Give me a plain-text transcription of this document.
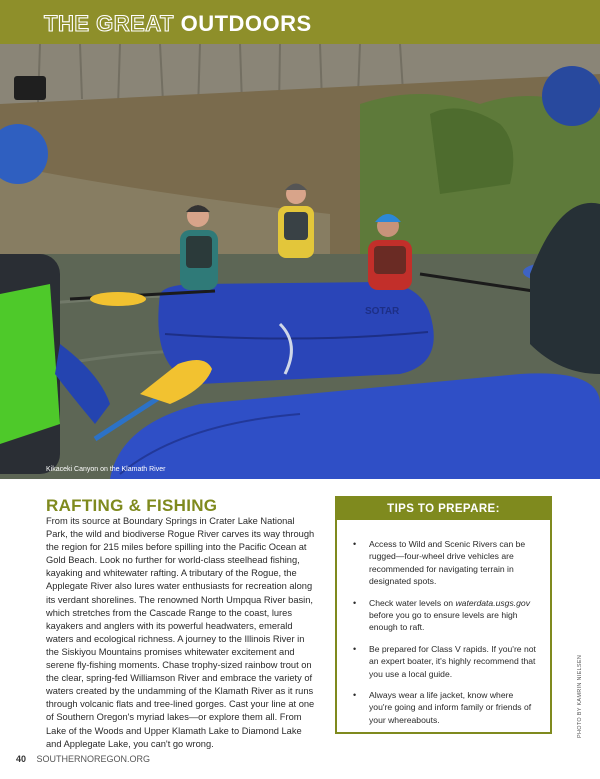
THE GREAT OUTDOORS
SOTAR
Kikaceki Canyon on the Klamath River
RAFTING & FISHING

From its source at Boundary Springs in Crater Lake National Park, the wild and biodiverse Rogue River carves its way through the region for 215 miles before spilling into the Pacific Ocean at Gold Beach. Look no further for world-class steelhead fishing, kayaking and whitewater rafting. A tributary of the Rogue, the Applegate River also lures water enthusiasts for recreation along its verdant shorelines. The renowned North Umpqua River basin, which stretches from the Cascade Range to the coast, lures kayakers and anglers with its powerful headwaters, emerald waters and ecological richness. A journey to the Illinois River in the Siskiyou Mountains promises whitewater excitement and serene fly-fishing moments. Chase trophy-sized rainbow trout on the clear, spring-fed Williamson River and embrace the variety of waters created by the undamming of the Klamath River as it runs through volcanic flats and tree-lined gorges. Cast your line at one of Southern Oregon's myriad lakes—or explore them all. From Lake of the Woods and Upper Klamath Lake to Diamond Lake and Applegate Lake, you can't go wrong.

TIPS TO PREPARE:
• Access to Wild and Scenic Rivers can be rugged—four-wheel drive vehicles are recommended for navigating terrain in designated spots.
• Check water levels on waterdata.usgs.gov before you go to ensure levels are high enough to raft.
• Be prepared for Class V rapids. If you're not an expert boater, it's highly recommend that you use a local guide.
• Always wear a life jacket, know where you're going and inform family or friends of your whereabouts.	PHOTO BY KAMRIN NIELSEN
40 SOUTHERNOREGON.ORG
